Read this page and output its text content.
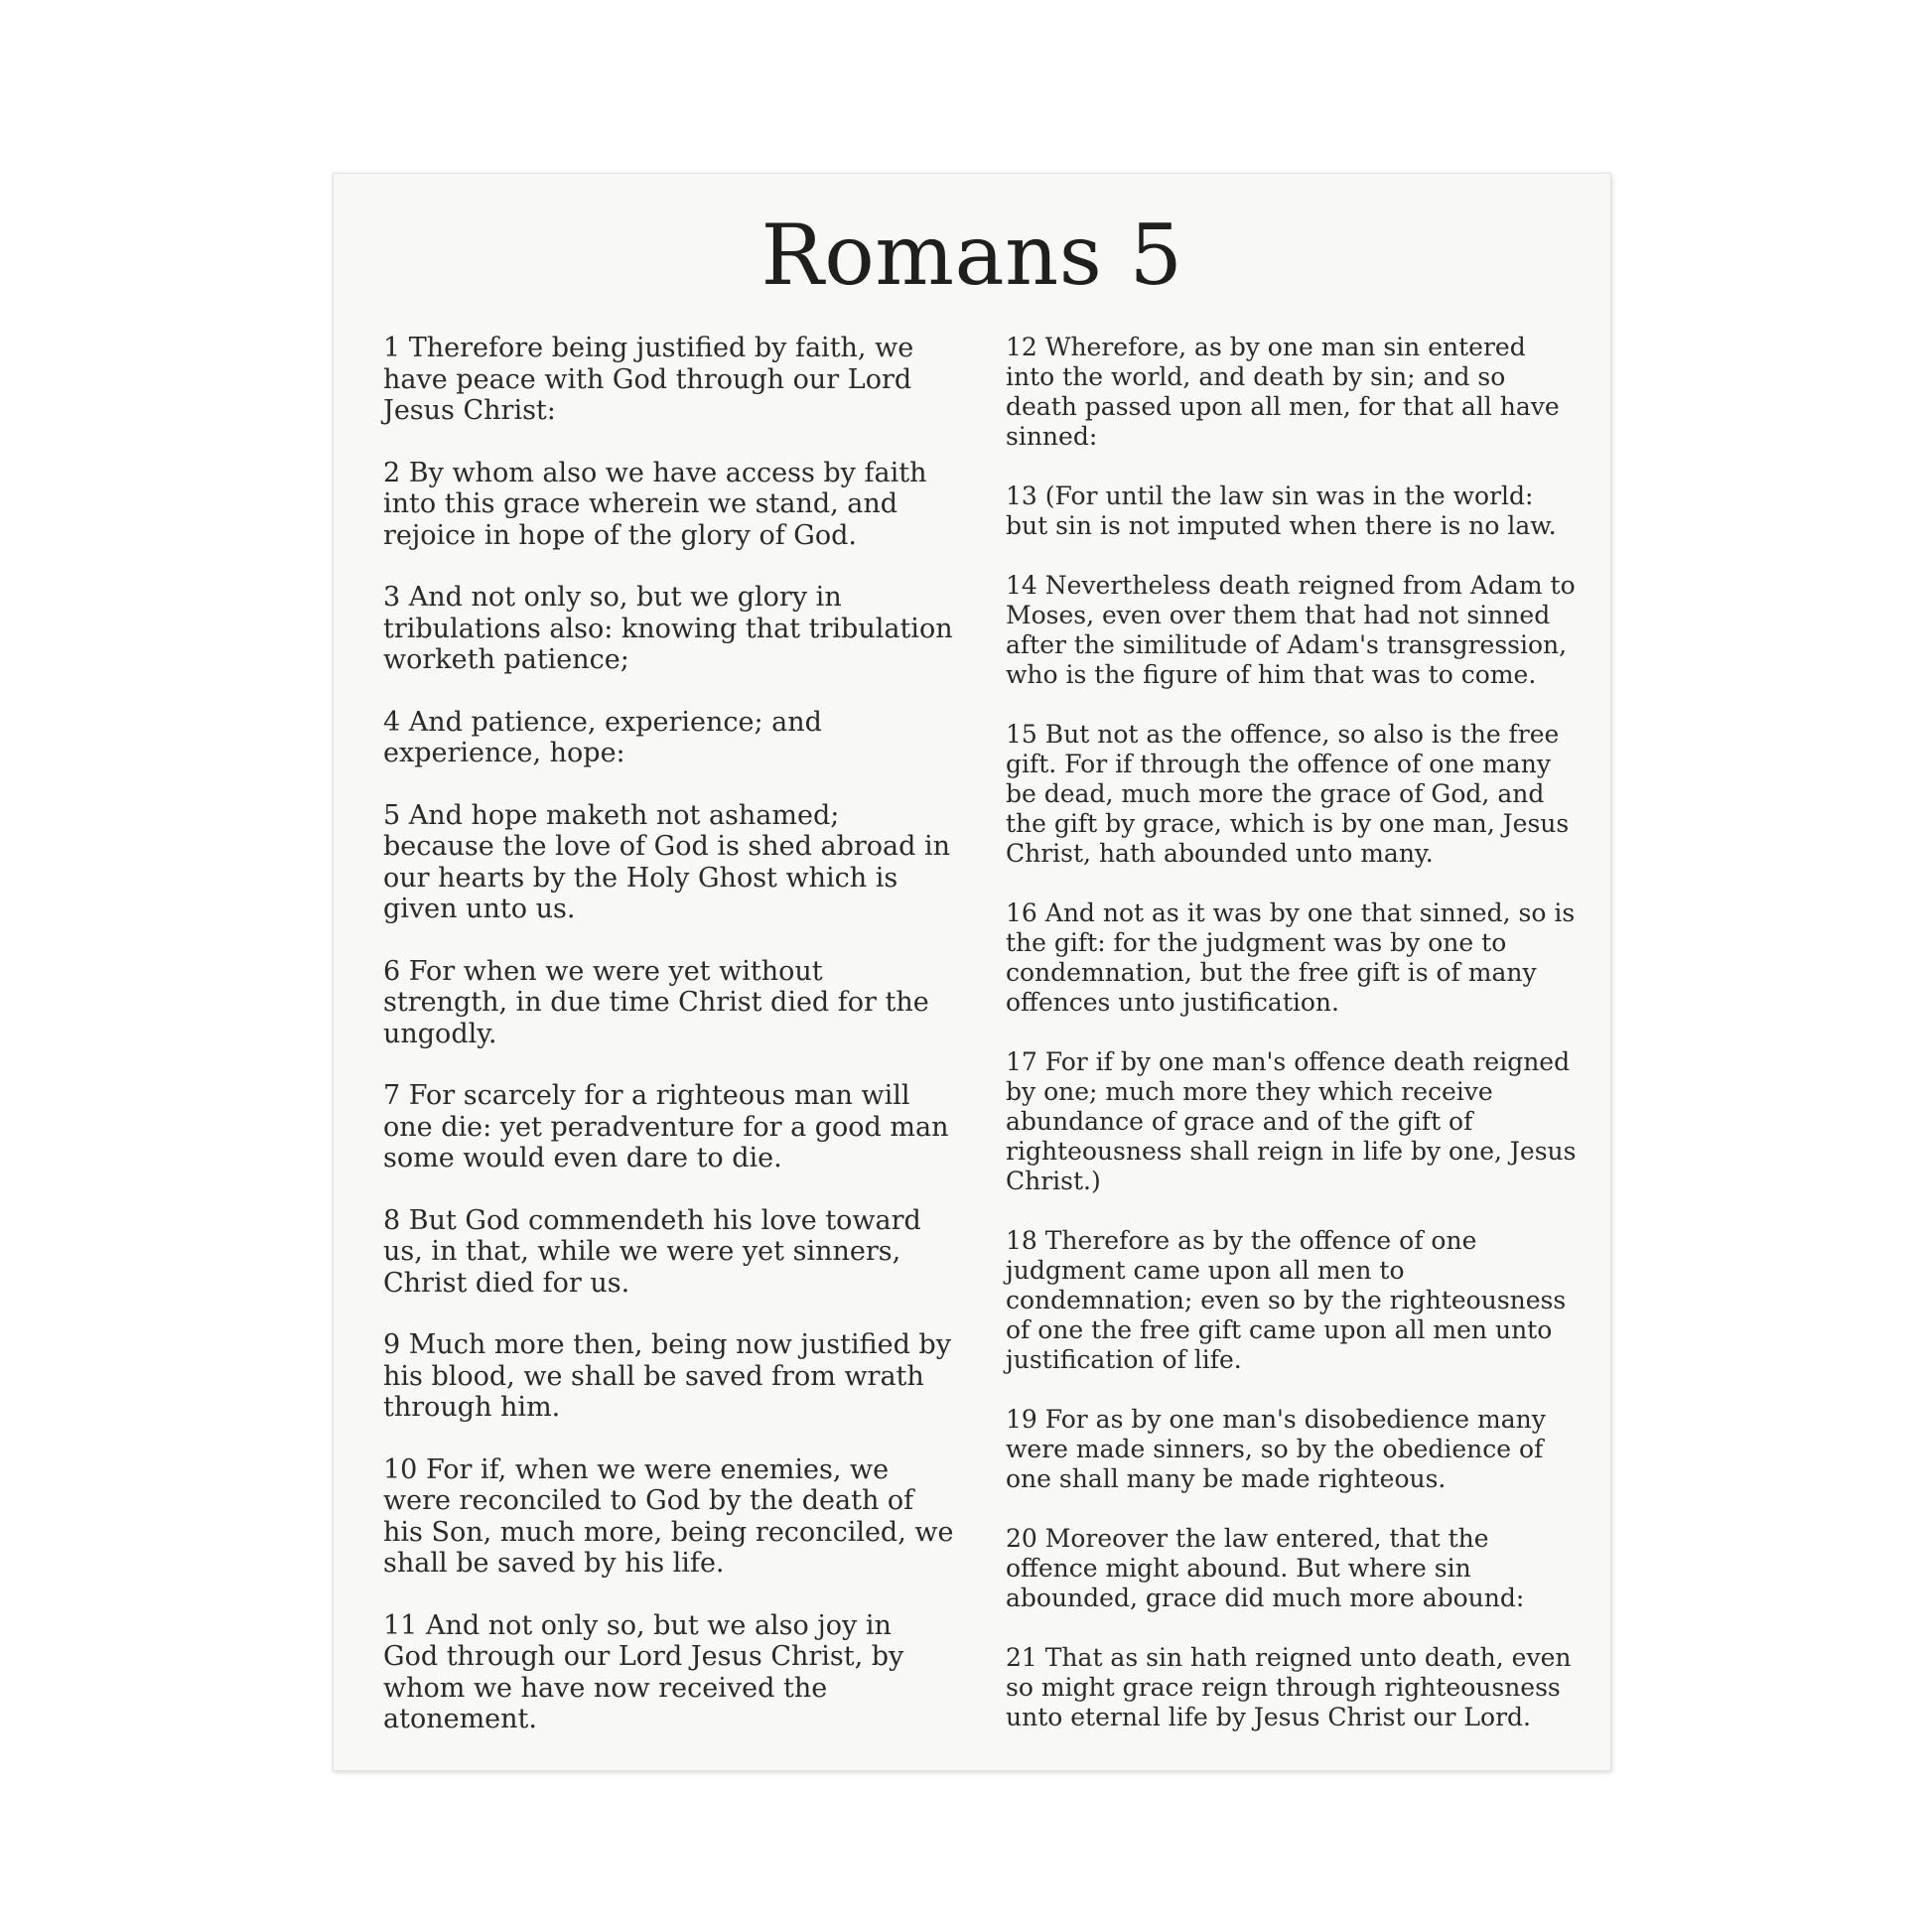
Romans 5

1 Therefore being justified by faith, we have peace with God through our Lord Jesus Christ:

2 By whom also we have access by faith into this grace wherein we stand, and rejoice in hope of the glory of God.

3 And not only so, but we glory in tribulations also: knowing that tribulation worketh patience;

4 And patience, experience; and experience, hope:

5 And hope maketh not ashamed; because the love of God is shed abroad in our hearts by the Holy Ghost which is given unto us.

6 For when we were yet without strength, in due time Christ died for the ungodly.

7 For scarcely for a righteous man will one die: yet peradventure for a good man some would even dare to die.

8 But God commendeth his love toward us, in that, while we were yet sinners, Christ died for us.

9 Much more then, being now justified by his blood, we shall be saved from wrath through him.

10 For if, when we were enemies, we were reconciled to God by the death of his Son, much more, being reconciled, we shall be saved by his life.

11 And not only so, but we also joy in God through our Lord Jesus Christ, by whom we have now received the atonement.

12 Wherefore, as by one man sin entered into the world, and death by sin; and so death passed upon all men, for that all have sinned:

13 (For until the law sin was in the world: but sin is not imputed when there is no law.

14 Nevertheless death reigned from Adam to Moses, even over them that had not sinned after the similitude of Adam's transgression, who is the figure of him that was to come.

15 But not as the offence, so also is the free gift. For if through the offence of one many be dead, much more the grace of God, and the gift by grace, which is by one man, Jesus Christ, hath abounded unto many.

16 And not as it was by one that sinned, so is the gift: for the judgment was by one to condemnation, but the free gift is of many offences unto justification.

17 For if by one man's offence death reigned by one; much more they which receive abundance of grace and of the gift of righteousness shall reign in life by one, Jesus Christ.)

18 Therefore as by the offence of one judgment came upon all men to condemnation; even so by the righteousness of one the free gift came upon all men unto justification of life.

19 For as by one man's disobedience many were made sinners, so by the obedience of one shall many be made righteous.

20 Moreover the law entered, that the offence might abound. But where sin abounded, grace did much more abound:

21 That as sin hath reigned unto death, even so might grace reign through righteousness unto eternal life by Jesus Christ our Lord.
